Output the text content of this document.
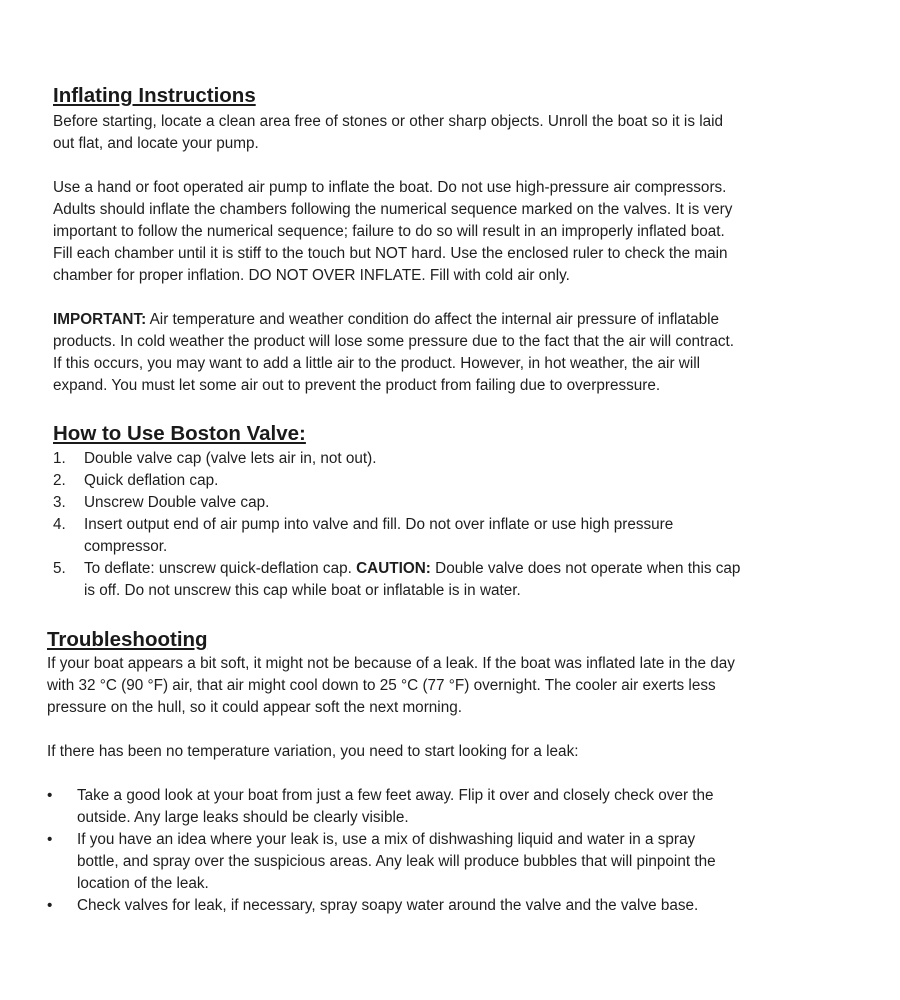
Inflating Instructions

Before starting, locate a clean area free of stones or other sharp objects. Unroll the boat so it is laid
out flat, and locate your pump.

Use a hand or foot operated air pump to inflate the boat. Do not use high-pressure air compressors.
Adults should inflate the chambers following the numerical sequence marked on the valves. It is very
important to follow the numerical sequence; failure to do so will result in an improperly inflated boat.
Fill each chamber until it is stiff to the touch but NOT hard. Use the enclosed ruler to check the main
chamber for proper inflation. DO NOT OVER INFLATE. Fill with cold air only.

IMPORTANT: Air temperature and weather condition do affect the internal air pressure of inflatable
products. In cold weather the product will lose some pressure due to the fact that the air will contract.
If this occurs, you may want to add a little air to the product. However, in hot weather, the air will
expand. You must let some air out to prevent the product from failing due to overpressure.

How to Use Boston Valve:
1. Double valve cap (valve lets air in, not out).
2. Quick deflation cap.
3. Unscrew Double valve cap.
4. Insert output end of air pump into valve and fill. Do not over inflate or use high pressure
compressor.
5. To deflate: unscrew quick-deflation cap. CAUTION: Double valve does not operate when this cap
is off. Do not unscrew this cap while boat or inflatable is in water.
Troubleshooting

If your boat appears a bit soft, it might not be because of a leak. If the boat was inflated late in the day
with 32 °C (90 °F) air, that air might cool down to 25 °C (77 °F) overnight. The cooler air exerts less
pressure on the hull, so it could appear soft the next morning.

If there has been no temperature variation, you need to start looking for a leak:

• Take a good look at your boat from just a few feet away. Flip it over and closely check over the
outside. Any large leaks should be clearly visible.
• If you have an idea where your leak is, use a mix of dishwashing liquid and water in a spray
bottle, and spray over the suspicious areas. Any leak will produce bubbles that will pinpoint the
location of the leak.
• Check valves for leak, if necessary, spray soapy water around the valve and the valve base.
